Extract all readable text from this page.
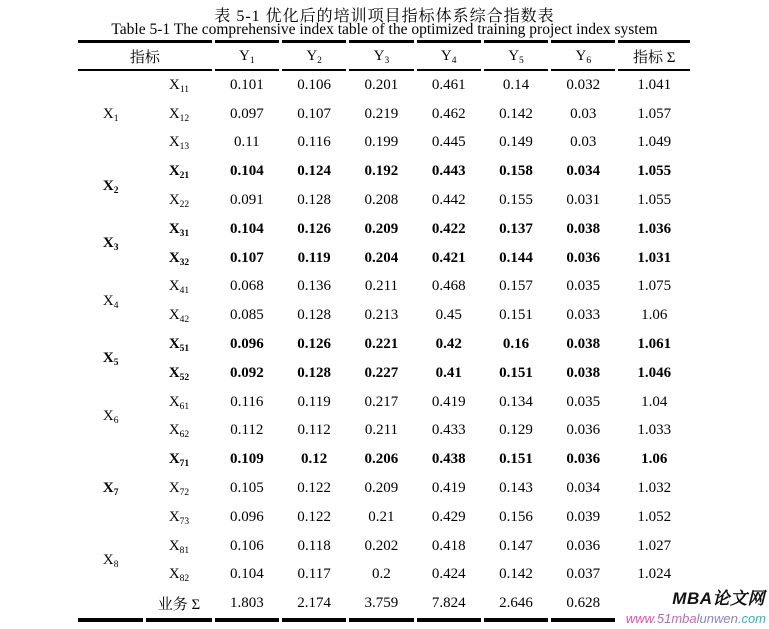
表 5-1 优化后的培训项目指标体系综合指数表
Table 5-1 The comprehensive index table of the optimized training project index system
指标		$Y_1$	$Y_2$	$Y_3$	$Y_4$	$Y_5$	$Y_6$	指标 Σ
$X_1$	$X_{11}$	0.101	0.106	0.201	0.461	0.14	0.032	1.041
	$X_{12}$	0.097	0.107	0.219	0.462	0.142	0.03	1.057
	$X_{13}$	0.11	0.116	0.199	0.445	0.149	0.03	1.049
$X_2$	$X_{21}$	0.104	0.124	0.192	0.443	0.158	0.034	1.055
	$X_{22}$	0.091	0.128	0.208	0.442	0.155	0.031	1.055
$X_3$	$X_{31}$	0.104	0.126	0.209	0.422	0.137	0.038	1.036
	$X_{32}$	0.107	0.119	0.204	0.421	0.144	0.036	1.031
$X_4$	$X_{41}$	0.068	0.136	0.211	0.468	0.157	0.035	1.075
	$X_{42}$	0.085	0.128	0.213	0.45	0.151	0.033	1.06
$X_5$	$X_{51}$	0.096	0.126	0.221	0.42	0.16	0.038	1.061
	$X_{52}$	0.092	0.128	0.227	0.41	0.151	0.038	1.046
$X_6$	$X_{61}$	0.116	0.119	0.217	0.419	0.134	0.035	1.04
	$X_{62}$	0.112	0.112	0.211	0.433	0.129	0.036	1.033
$X_7$	$X_{71}$	0.109	0.12	0.206	0.438	0.151	0.036	1.06
	$X_{72}$	0.105	0.122	0.209	0.419	0.143	0.034	1.032
	$X_{73}$	0.096	0.122	0.21	0.429	0.156	0.039	1.052
$X_8$	$X_{81}$	0.106	0.118	0.202	0.418	0.147	0.036	1.027
	$X_{82}$	0.104	0.117	0.2	0.424	0.142	0.037	1.024
	业务 Σ	1.803	2.174	3.759	7.824	2.646	0.628		MBA论文网
www.51mbalunwen.com
